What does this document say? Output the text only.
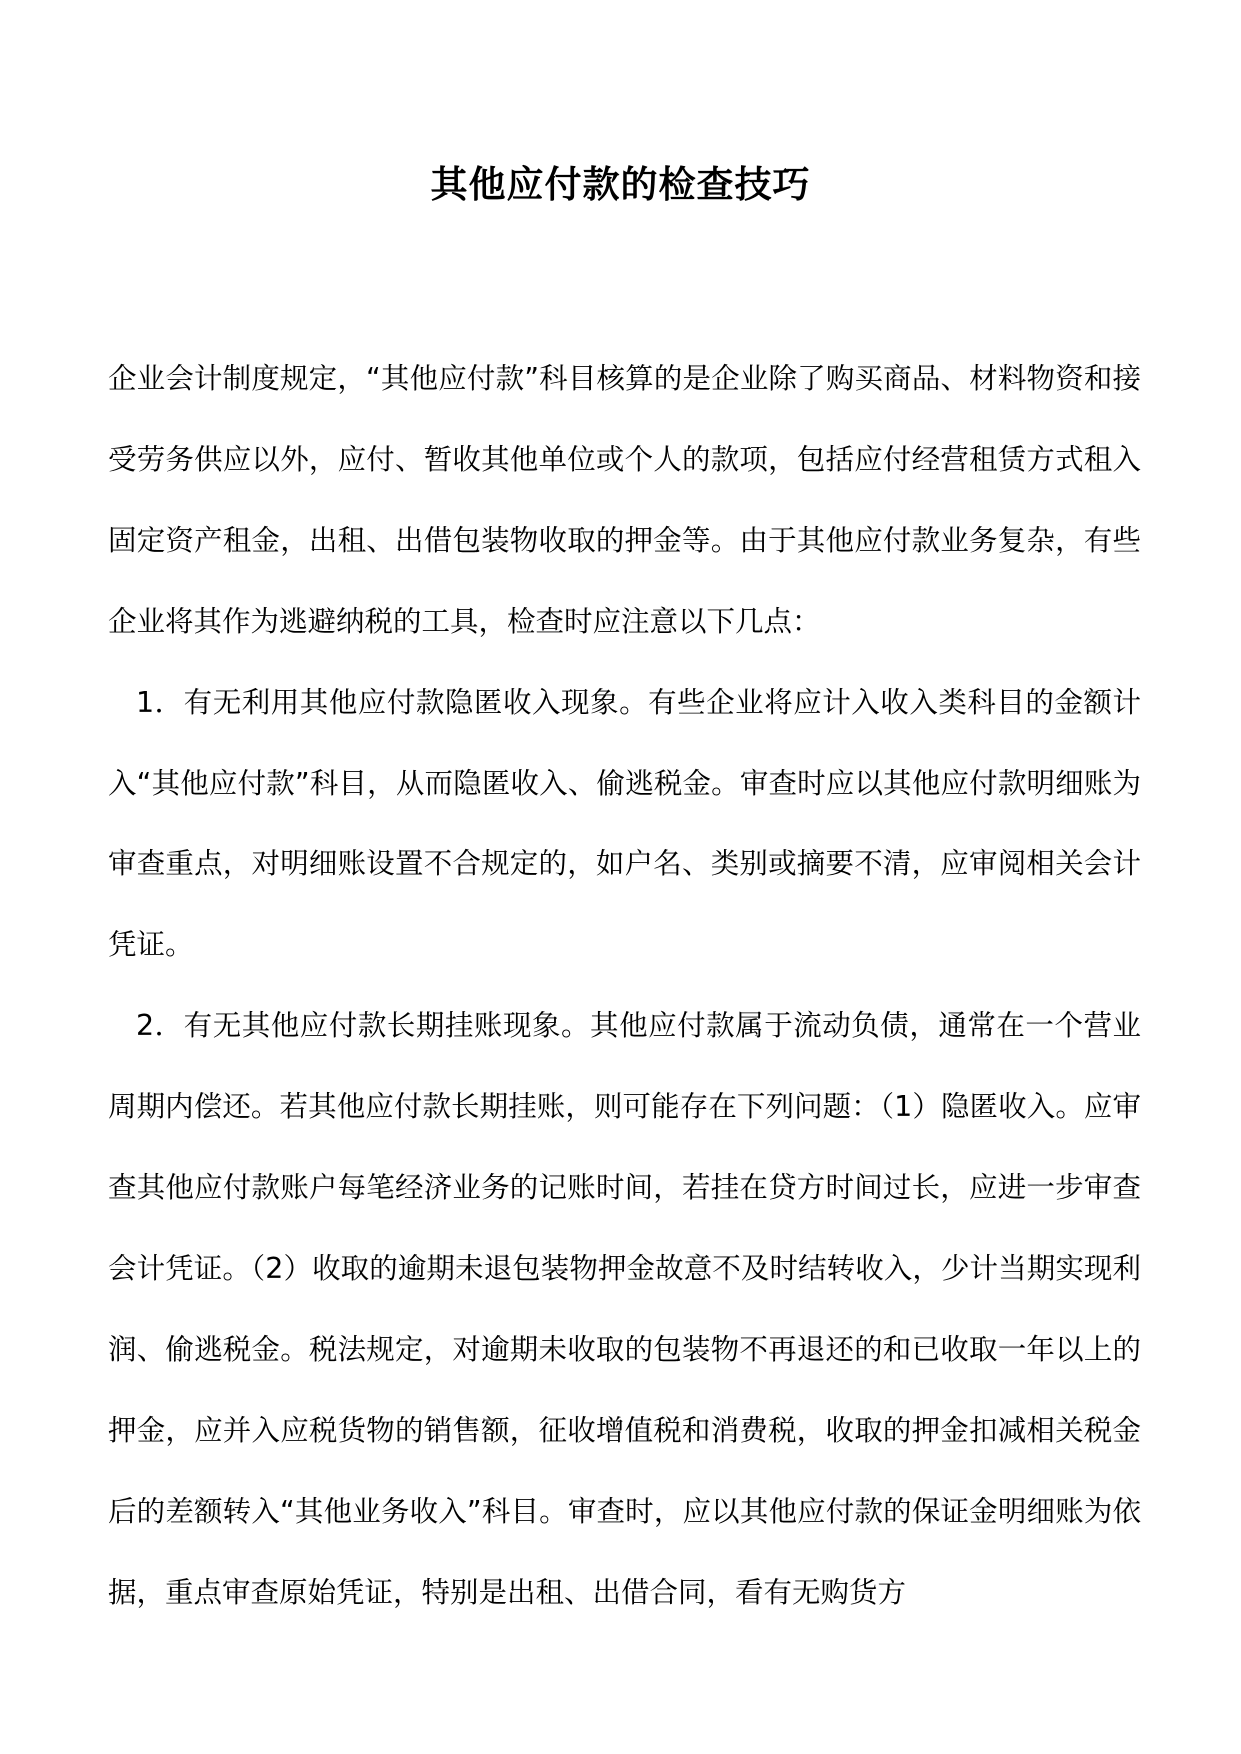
其他应付款的检查技巧

企业会计制度规定，“其他应付款”科目核算的是企业除了购买商品、材料物资和接受劳务供应以外，应付、暂收其他单位或个人的款项，包括应付经营租赁方式租入固定资产租金，出租、出借包装物收取的押金等。由于其他应付款业务复杂，有些企业将其作为逃避纳税的工具，检查时应注意以下几点：

1．有无利用其他应付款隐匿收入现象。有些企业将应计入收入类科目的金额计入“其他应付款”科目，从而隐匿收入、偷逃税金。审查时应以其他应付款明细账为审查重点，对明细账设置不合规定的，如户名、类别或摘要不清，应审阅相关会计凭证。

2．有无其他应付款长期挂账现象。其他应付款属于流动负债，通常在一个营业周期内偿还。若其他应付款长期挂账，则可能存在下列问题：（1）隐匿收入。应审查其他应付款账户每笔经济业务的记账时间，若挂在贷方时间过长，应进一步审查会计凭证。（2）收取的逾期未退包装物押金故意不及时结转收入，少计当期实现利润、偷逃税金。税法规定，对逾期未收取的包装物不再退还的和已收取一年以上的押金，应并入应税货物的销售额，征收增值税和消费税，收取的押金扣减相关税金后的差额转入“其他业务收入”科目。审查时，应以其他应付款的保证金明细账为依据，重点审查原始凭证，特别是出租、出借合同，看有无购货方
